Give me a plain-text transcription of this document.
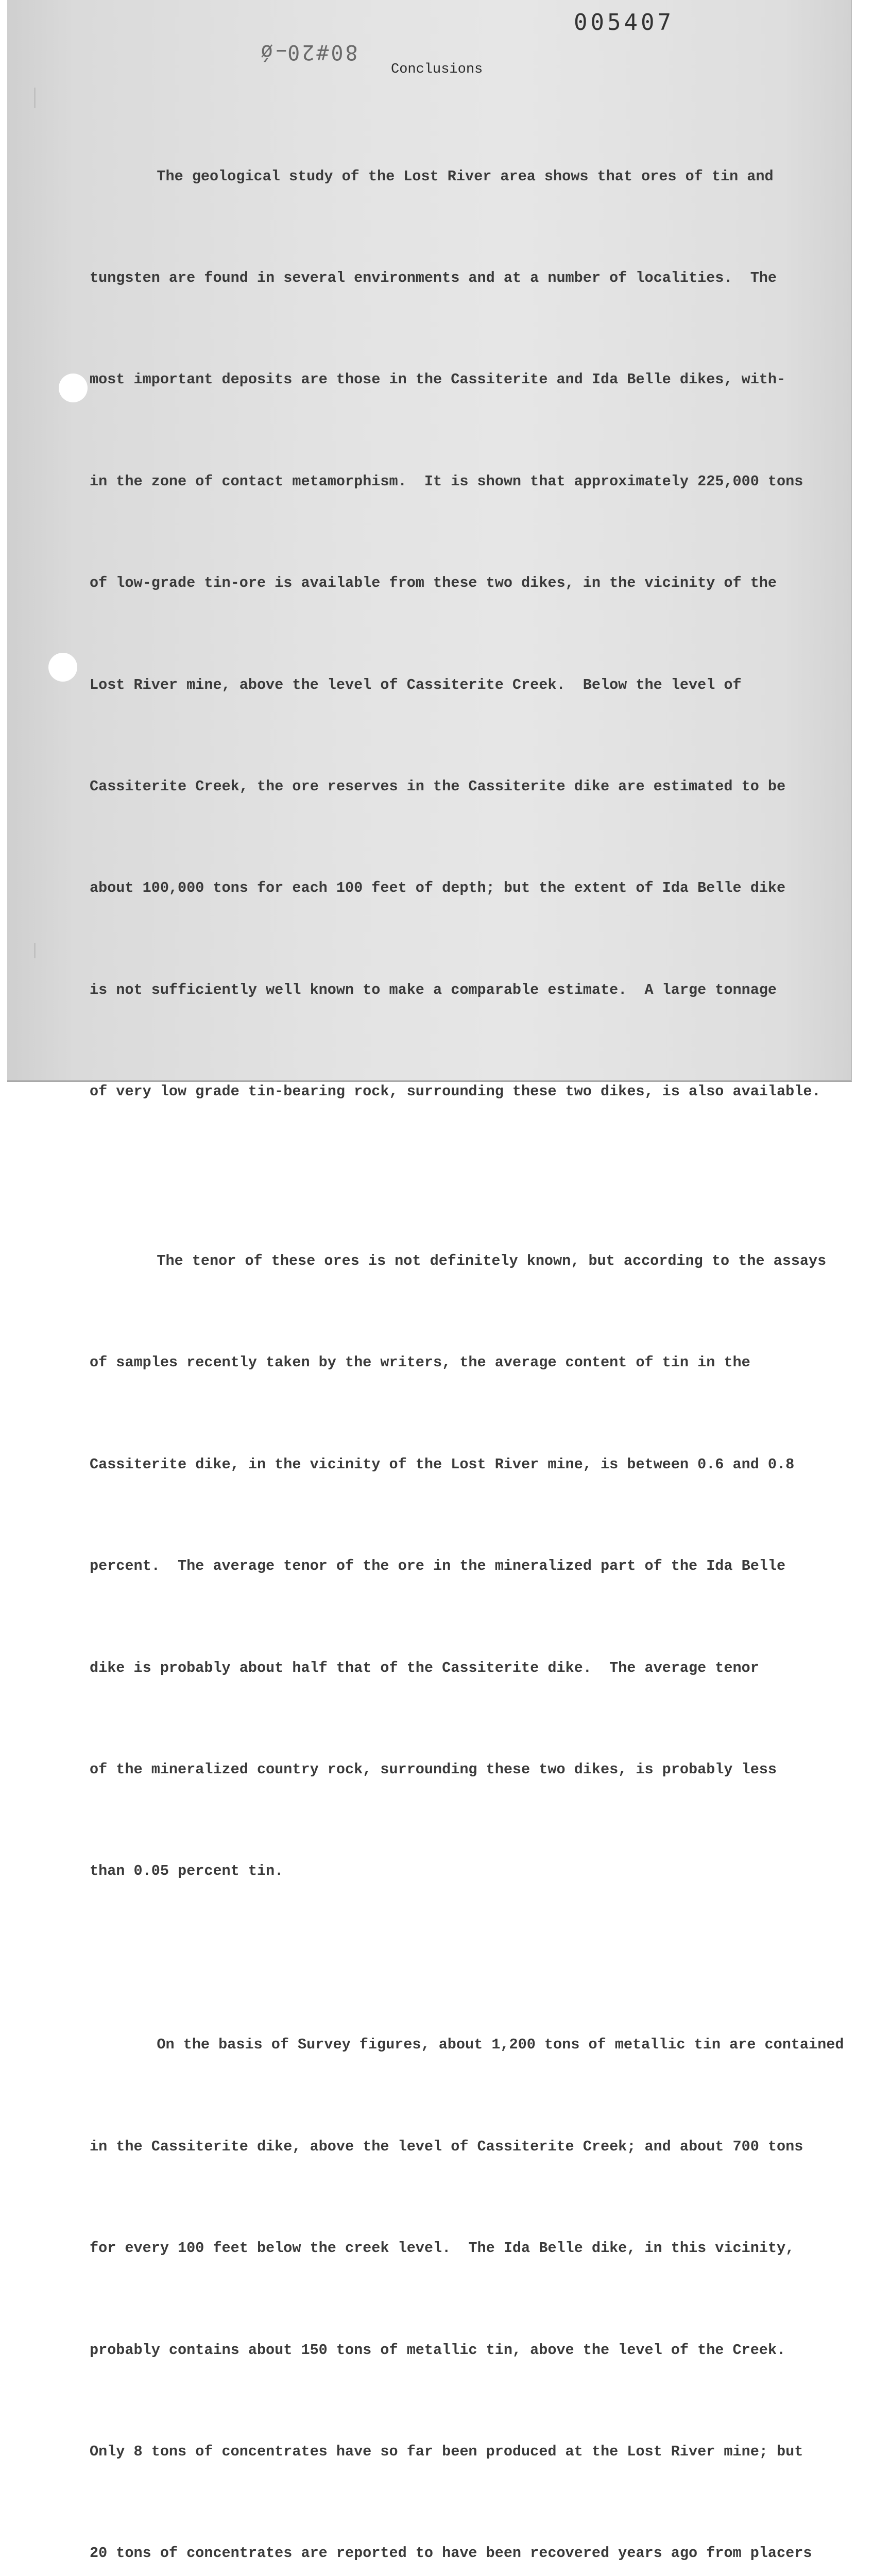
005407
80#20̵ǿ
Conclusions

The geological study of the Lost River area shows that ores of tin and

tungsten are found in several environments and at a number of localities.  The

most important deposits are those in the Cassiterite and Ida Belle dikes, with-

in the zone of contact metamorphism.  It is shown that approximately 225,000 tons

of low-grade tin-ore is available from these two dikes, in the vicinity of the

Lost River mine, above the level of Cassiterite Creek.  Below the level of

Cassiterite Creek, the ore reserves in the Cassiterite dike are estimated to be

about 100,000 tons for each 100 feet of depth; but the extent of Ida Belle dike

is not sufficiently well known to make a comparable estimate.  A large tonnage

of very low grade tin-bearing rock, surrounding these two dikes, is also available.

The tenor of these ores is not definitely known, but according to the assays

of samples recently taken by the writers, the average content of tin in the

Cassiterite dike, in the vicinity of the Lost River mine, is between 0.6 and 0.8

percent.  The average tenor of the ore in the mineralized part of the Ida Belle

dike is probably about half that of the Cassiterite dike.  The average tenor

of the mineralized country rock, surrounding these two dikes, is probably less

than 0.05 percent tin.

On the basis of Survey figures, about 1,200 tons of metallic tin are contained

in the Cassiterite dike, above the level of Cassiterite Creek; and about 700 tons

for every 100 feet below the creek level.  The Ida Belle dike, in this vicinity,

probably contains about 150 tons of metallic tin, above the level of the Creek.

Only 8 tons of concentrates have so far been produced at the Lost River mine; but

20 tons of concentrates are reported to have been recovered years ago from placers
